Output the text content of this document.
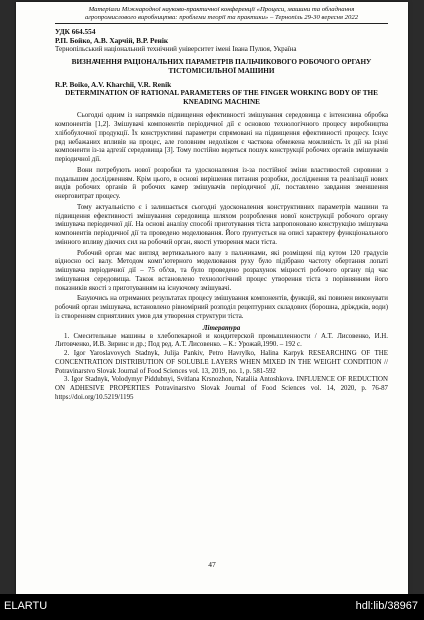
Матеріали Міжнародної науково-практичної конференції «Процеси, машини та обладнання

агропромислового виробництва: проблеми теорії та практики» – Тернопіль 29-30 вересня 2022

УДК 664.554

Р.П. Бойко, А.В. Харчій, В.Р. Ренік

Тернопільський національний технічний університет імені Івана Пулюя, Україна

ВИЗНАЧЕННЯ РАЦІОНАЛЬНИХ ПАРАМЕТРІВ ПАЛЬЧИКОВОГО РОБОЧОГО ОРГАНУ ТІСТОМІСИЛЬНОЇ МАШИНИ

R.P. Boiko, A.V. Kharchii, V.R. Renik

DETERMINATION OF RATIONAL PARAMETERS OF THE FINGER WORKING BODY OF THE KNEADING MACHINE

Сьогодні одним із напрямків підвищення ефективності змішування середовища є інтенсивна обробка компонентів [1,2]. Змішувачі компонентів періодичної дії є основою технологічного процесу виробництва хлібобулочної продукції. Їх конструктивні параметри спрямовані на підвищення ефективності процесу. Існує ряд небажаних впливів на процес, але головним недоліком є часткова обмежена можливість їх дії на різні компоненти із-за адгезії середовища [3]. Тому постійно ведеться пошук конструкції робочих органів змішувачів періодичної дії.

Вони потребують нової розробки та удосконалення із-за постійної зміни властивостей сировини з подальшим дослідженням. Крім цього, в основі вирішення питання розробки, дослідження та реалізації нових видів робочих органів й робочих камер змішувачів періодичної дії, поставлено завдання зменшення енерговитрат процесу.

Тому актуальністю є і залишається сьогодні удосконалення конструктивних параметрів машини та підвищення ефективності змішування середовища шляхом розроблення нової конструкції робочого органу змішувача періодичної дії. На основі аналізу способі приготування тіста запропоновано конструкцію змішувача компонентів періодичної дії та проведено моделювання. Його ґрунтується на описі характеру функціонального змінного впливу діючих сил на робочий орган, якості утворення маси тіста.

Робочий орган має вигляд вертикального валу з пальчиками, які розміщені під кутом 120 градусів відносно осі валу. Методом комп’ютерного моделювання руху було підібрано частоту обертання лопаті змішувача періодичної дії – 75 об/хв, та було проведено розрахунок міцності робочого органу під час змішування середовища. Також встановлено технологічний процес утворення тіста з порівнянням його показників якості з приготуванням на існуючому змішувачі.

Базуючись на отриманих результатах процесу змішування компонентів, функцій, які повинен виконувати робочий орган змішувача, встановлено рівномірний розподіл рецептурних складових (борошна, дріжджів, води) із створенням сприятливих умов для утворення структури тіста.

Література

1. Смесительные машины в хлебопекарной и кондитерской промышленности / А.Т. Лисовенко, И.Н. Литовченко, И.В. Зиринс и др.; Под ред. А.Т. Лисовенко. – К.: Урожай,1990. – 192 с.

2. Igor Yaroslavovych Stadnyk, Julija Pankiv, Petro Havrylko, Halina Karpyk RESEARCHING OF THE CONCENTRATION DISTRIBUTION OF SOLUBLE LAYERS WHEN MIXED IN THE WEIGHT CONDITION // Potravinarstvo Slovak Journal of Food Sciences vol. 13, 2019, no. 1, p. 581-592

3. Igor Stadnyk, Volodymyr Piddubnyi, Svitlana Krsnozhon, Nataliia Antoshkova. INFLUENCE OF REDUCTION ON ADHESIVE PROPERTIES Potravinarstvo Slovak Journal of Food Sciences vol. 14, 2020, p. 76-87 https://doi.org/10.5219/1195

47
ELARTU	hdl:lib/38967
